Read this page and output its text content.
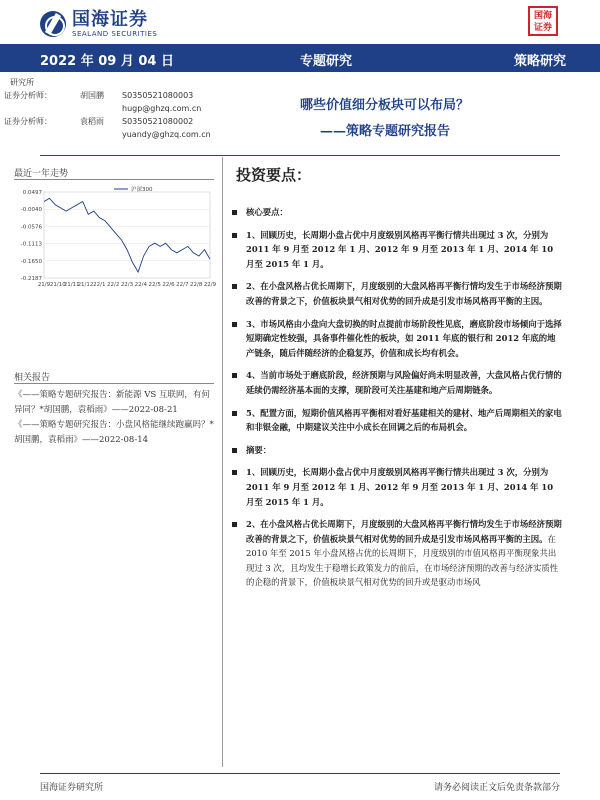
国海证券
SEALAND SECURITIES
国海证券
2022 年 09 月 04 日	专题研究	策略研究
研究所
证券分析师：	胡国鹏	S0350521080003
hugp@ghzq.com.cn
证券分析师：	袁稻雨	S0350521080002
yuandy@ghzq.com.cn
哪些价值细分板块可以布局？
——策略专题研究报告
最近一年走势
0.0497
-0.0040
-0.0576
-0.1113
-0.1650
-0.2187
21/9 21/10
21/11
21/12 22/1 22/2 22/3 22/4 22/5 22/6 22/7 22/8 22/9
沪深300
相关报告

《——策略专题研究报告：新能源 VS 互联网，有何异同？*胡国鹏，袁稻雨》——2022-08-21

《——策略专题研究报告：小盘风格能继续跑赢吗？*胡国鹏，袁稻雨》——2022-08-14

投资要点：
核心要点：
1、回顾历史，长周期小盘占优中月度级别风格再平衡行情共出现过 3 次，分别为 2011 年 9 月至 2012 年 1 月、2012 年 9 月至 2013 年 1 月、2014 年 10 月至 2015 年 1 月。
2、在小盘风格占优长周期下，月度级别的大盘风格再平衡行情均发生于市场经济预期改善的背景之下，价值板块景气相对优势的回升成是引发市场风格再平衡的主因。
3、市场风格由小盘向大盘切换的时点提前市场阶段性见底，磨底阶段市场倾向于选择短期确定性较强，具备事件催化性的板块，如 2011 年底的银行和 2012 年底的地产链条，随后伴随经济的企稳复苏，价值和成长均有机会。
4、当前市场处于磨底阶段，经济预期与风险偏好尚未明显改善，大盘风格占优行情的延续仍需经济基本面的支撑，现阶段可关注基建和地产后周期链条。
5、配置方面，短期价值风格再平衡相对看好基建相关的建材、地产后周期相关的家电和非银金融，中期建议关注中小成长在回调之后的布局机会。
摘要：
1、回顾历史，长周期小盘占优中月度级别风格再平衡行情共出现过 3 次，分别为 2011 年 9 月至 2012 年 1 月、2012 年 9 月至 2013 年 1 月、2014 年 10 月至 2015 年 1 月。
2、在小盘风格占优长周期下，月度级别的大盘风格再平衡行情均发生于市场经济预期改善的背景之下，价值板块景气相对优势的回升成是引发市场风格再平衡的主因。在 2010 年至 2015 年小盘风格占优的长周期下，月度级别的市值风格再平衡现象共出现过 3 次，且均发生于稳增长政策发力的前后，在市场经济预期的改善与经济实质性的企稳的背景下，价值板块景气相对优势的回升或是驱动市场风
国海证券研究所	请务必阅读正文后免责条款部分
